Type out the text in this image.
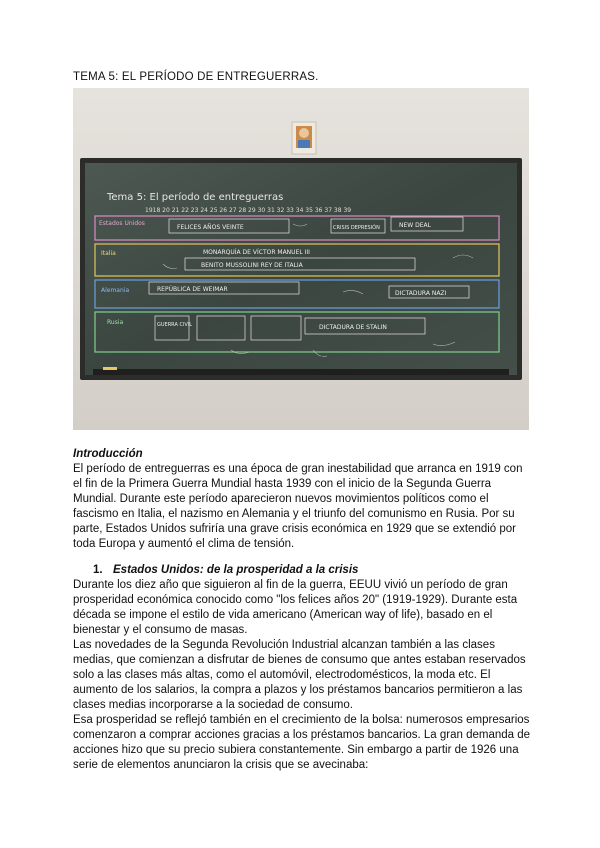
TEMA 5: EL PERÍODO DE ENTREGUERRAS.
Tema 5: El período de entreguerras
1918 20 21 22 23 24 25 26 27 28 29 30 31 32 33 34 35 36 37 38 39
Estados Unidos
FELICES AÑOS VEINTE	CRISIS DEPRESIÓN	NEW DEAL
Italia	MONARQUÍA DE VÍCTOR MANUEL III
BENITO MUSSOLINI REY DE ITALIA
Alemania	REPÚBLICA DE WEIMAR
DICTADURA NAZI
Rusia	GUERRA CIVIL	DICTADURA DE STALIN
Introducción

El período de entreguerras es una época de gran inestabilidad que arranca en 1919 con el fin de la Primera Guerra Mundial hasta 1939 con el inicio de la Segunda Guerra Mundial. Durante este período aparecieron nuevos movimientos políticos como el fascismo en Italia, el nazismo en Alemania y el triunfo del comunismo en Rusia. Por su parte, Estados Unidos sufriría una grave crisis económica en 1929 que se extendió por toda Europa y aumentó el clima de tensión.

1. Estados Unidos: de la prosperidad a la crisis

Durante los diez año que siguieron al fin de la guerra, EEUU vivió un período de gran prosperidad económica conocido como "los felices años 20" (1919-1929). Durante esta década se impone el estilo de vida americano (American way of life), basado en el bienestar y el consumo de masas.

Las novedades de la Segunda Revolución Industrial alcanzan también a las clases medias, que comienzan a disfrutar de bienes de consumo que antes estaban reservados solo a las clases más altas, como el automóvil, electrodomésticos, la moda etc. El aumento de los salarios, la compra a plazos y los préstamos bancarios permitieron a las clases medias incorporarse a la sociedad de consumo.

Esa prosperidad se reflejó también en el crecimiento de la bolsa: numerosos empresarios comenzaron a comprar acciones gracias a los préstamos bancarios. La gran demanda de acciones hizo que su precio subiera constantemente. Sin embargo a partir de 1926 una serie de elementos anunciaron la crisis que se avecinaba:
